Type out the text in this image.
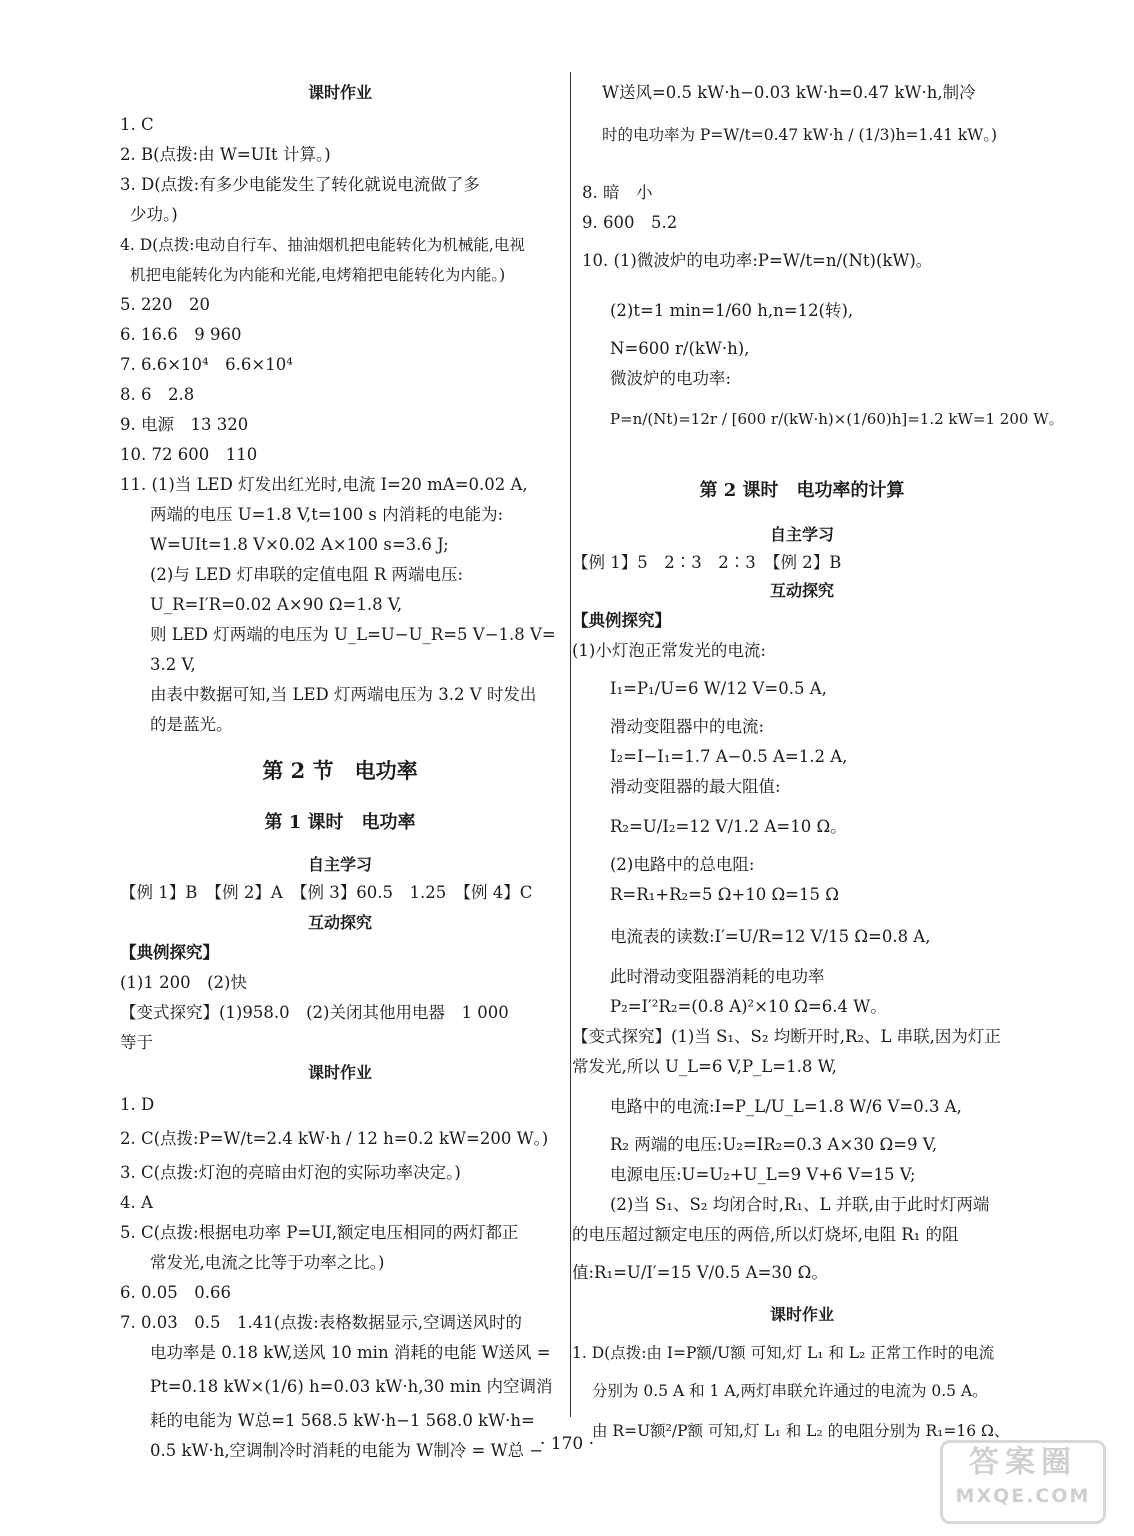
课时作业
1. C
2. B(点拨:由 W=UIt 计算。)
3. D(点拨:有多少电能发生了转化就说电流做了多
少功。)
4. D(点拨:电动自行车、抽油烟机把电能转化为机械能,电视
机把电能转化为内能和光能,电烤箱把电能转化为内能。)
5. 220　20
6. 16.6　9 960
7. 6.6×10⁴　6.6×10⁴
8. 6　2.8
9. 电源　13 320
10. 72 600　110
11. (1)当 LED 灯发出红光时,电流 I=20 mA=0.02 A,
两端的电压 U=1.8 V,t=100 s 内消耗的电能为:
W=UIt=1.8 V×0.02 A×100 s=3.6 J;
(2)与 LED 灯串联的定值电阻 R 两端电压:
U_R=I′R=0.02 A×90 Ω=1.8 V,
则 LED 灯两端的电压为 U_L=U−U_R=5 V−1.8 V=
3.2 V,
由表中数据可知,当 LED 灯两端电压为 3.2 V 时发出
的是蓝光。
第 2 节　电功率
第 1 课时　电功率
自主学习
【例 1】B　【例 2】A　【例 3】60.5　1.25　【例 4】C
互动探究
【典例探究】
(1)1 200　(2)快
【变式探究】(1)958.0　(2)关闭其他用电器　1 000
等于
课时作业
1. D
2. C(点拨:P=W/t=2.4 kW·h / 12 h=0.2 kW=200 W。)
3. C(点拨:灯泡的亮暗由灯泡的实际功率决定。)
4. A
5. C(点拨:根据电功率 P=UI,额定电压相同的两灯都正
常发光,电流之比等于功率之比。)
6. 0.05　0.66
7. 0.03　0.5　1.41(点拨:表格数据显示,空调送风时的
电功率是 0.18 kW,送风 10 min 消耗的电能 W送风 =
Pt=0.18 kW×(1/6) h=0.03 kW·h,30 min 内空调消
耗的电能为 W总=1 568.5 kW·h−1 568.0 kW·h=
0.5 kW·h,空调制冷时消耗的电能为 W制冷 = W总 −
W送风=0.5 kW·h−0.03 kW·h=0.47 kW·h,制冷
时的电功率为 P=W/t=0.47 kW·h / (1/3)h=1.41 kW。)
8. 暗　小
9. 600　5.2
10. (1)微波炉的电功率:P=W/t=n/(Nt)(kW)。
(2)t=1 min=1/60 h,n=12(转),
N=600 r/(kW·h),
微波炉的电功率:
P=n/(Nt)=12r / [600 r/(kW·h)×(1/60)h]=1.2 kW=1 200 W。
第 2 课时　电功率的计算
自主学习
【例 1】5　2∶3　2∶3　【例 2】B
互动探究
【典例探究】
(1)小灯泡正常发光的电流:
I₁=P₁/U=6 W/12 V=0.5 A,
滑动变阻器中的电流:
I₂=I−I₁=1.7 A−0.5 A=1.2 A,
滑动变阻器的最大阻值:
R₂=U/I₂=12 V/1.2 A=10 Ω。
(2)电路中的总电阻:
R=R₁+R₂=5 Ω+10 Ω=15 Ω
电流表的读数:I′=U/R=12 V/15 Ω=0.8 A,
此时滑动变阻器消耗的电功率
P₂=I′²R₂=(0.8 A)²×10 Ω=6.4 W。
【变式探究】(1)当 S₁、S₂ 均断开时,R₂、L 串联,因为灯正
常发光,所以 U_L=6 V,P_L=1.8 W,
电路中的电流:I=P_L/U_L=1.8 W/6 V=0.3 A,
R₂ 两端的电压:U₂=IR₂=0.3 A×30 Ω=9 V,
电源电压:U=U₂+U_L=9 V+6 V=15 V;
(2)当 S₁、S₂ 均闭合时,R₁、L 并联,由于此时灯两端
的电压超过额定电压的两倍,所以灯烧坏,电阻 R₁ 的阻
值:R₁=U/I′=15 V/0.5 A=30 Ω。
课时作业
1. D(点拨:由 I=P额/U额 可知,灯 L₁ 和 L₂ 正常工作时的电流
分别为 0.5 A 和 1 A,两灯串联允许通过的电流为 0.5 A。
由 R=U额²/P额 可知,灯 L₁ 和 L₂ 的电阻分别为 R₁=16 Ω、
· 170 ·
答案圈
MXQE.COM
